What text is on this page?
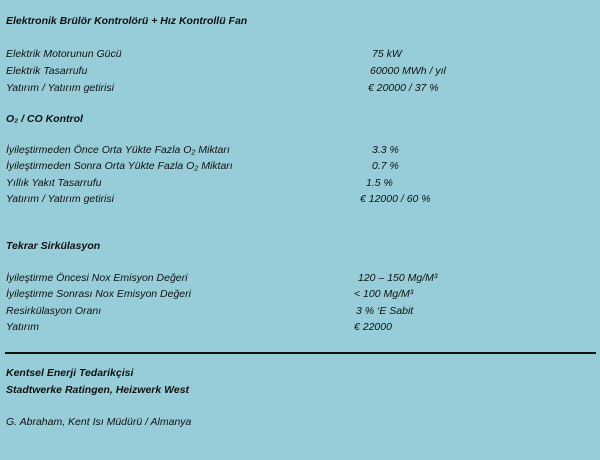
Elektronik Brülör Kontrolörü + Hız Kontrollü Fan
Elektrik Motorunun Gücü	75 kW
Elektrik Tasarrufu	60000 MWh / yıl
Yatırım / Yatırım getirisi	€ 20000 / 37 %
O₂ / CO Kontrol
İyileştirmeden Önce Orta Yükte Fazla O₂ Miktarı	3.3 %
İyileştirmeden Sonra Orta Yükte Fazla O₂ Miktarı	0.7 %
Yıllık Yakıt Tasarrufu	1.5 %
Yatırım / Yatırım getirisi	€ 12000 / 60 %
Tekrar Sirkülasyon
İyileştirme Öncesi Nox Emisyon Değeri	120 – 150 Mg/M³
İyileştirme Sonrası Nox Emisyon Değeri	< 100 Mg/M³
Resirkülasyon Oranı	3 % ‘E Sabit
Yatırım	€ 22000
Kentsel Enerji Tedarikçisi
Stadtwerke Ratingen, Heizwerk West
G. Abraham, Kent Isı Müdürü / Almanya
